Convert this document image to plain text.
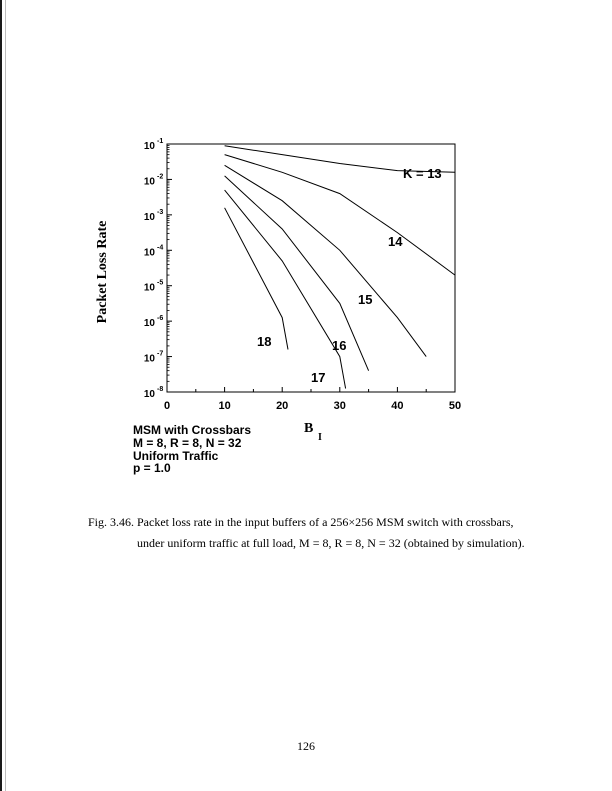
10 -1
10 -2
10 -3
10 -4
10 -5
10 -6
10 -7
10 -8
0	10	20	30	40	50
K = 13
14
15
16
17
18
Packet Loss Rate
B
I
MSM with Crossbars
M = 8, R = 8, N = 32
Uniform Traffic
p = 1.0
Fig. 3.46. Packet loss rate in the input buffers of a 256×256 MSM switch with crossbars, under uniform traffic at full load, M = 8, R = 8, N = 32 (obtained by simulation).
126
